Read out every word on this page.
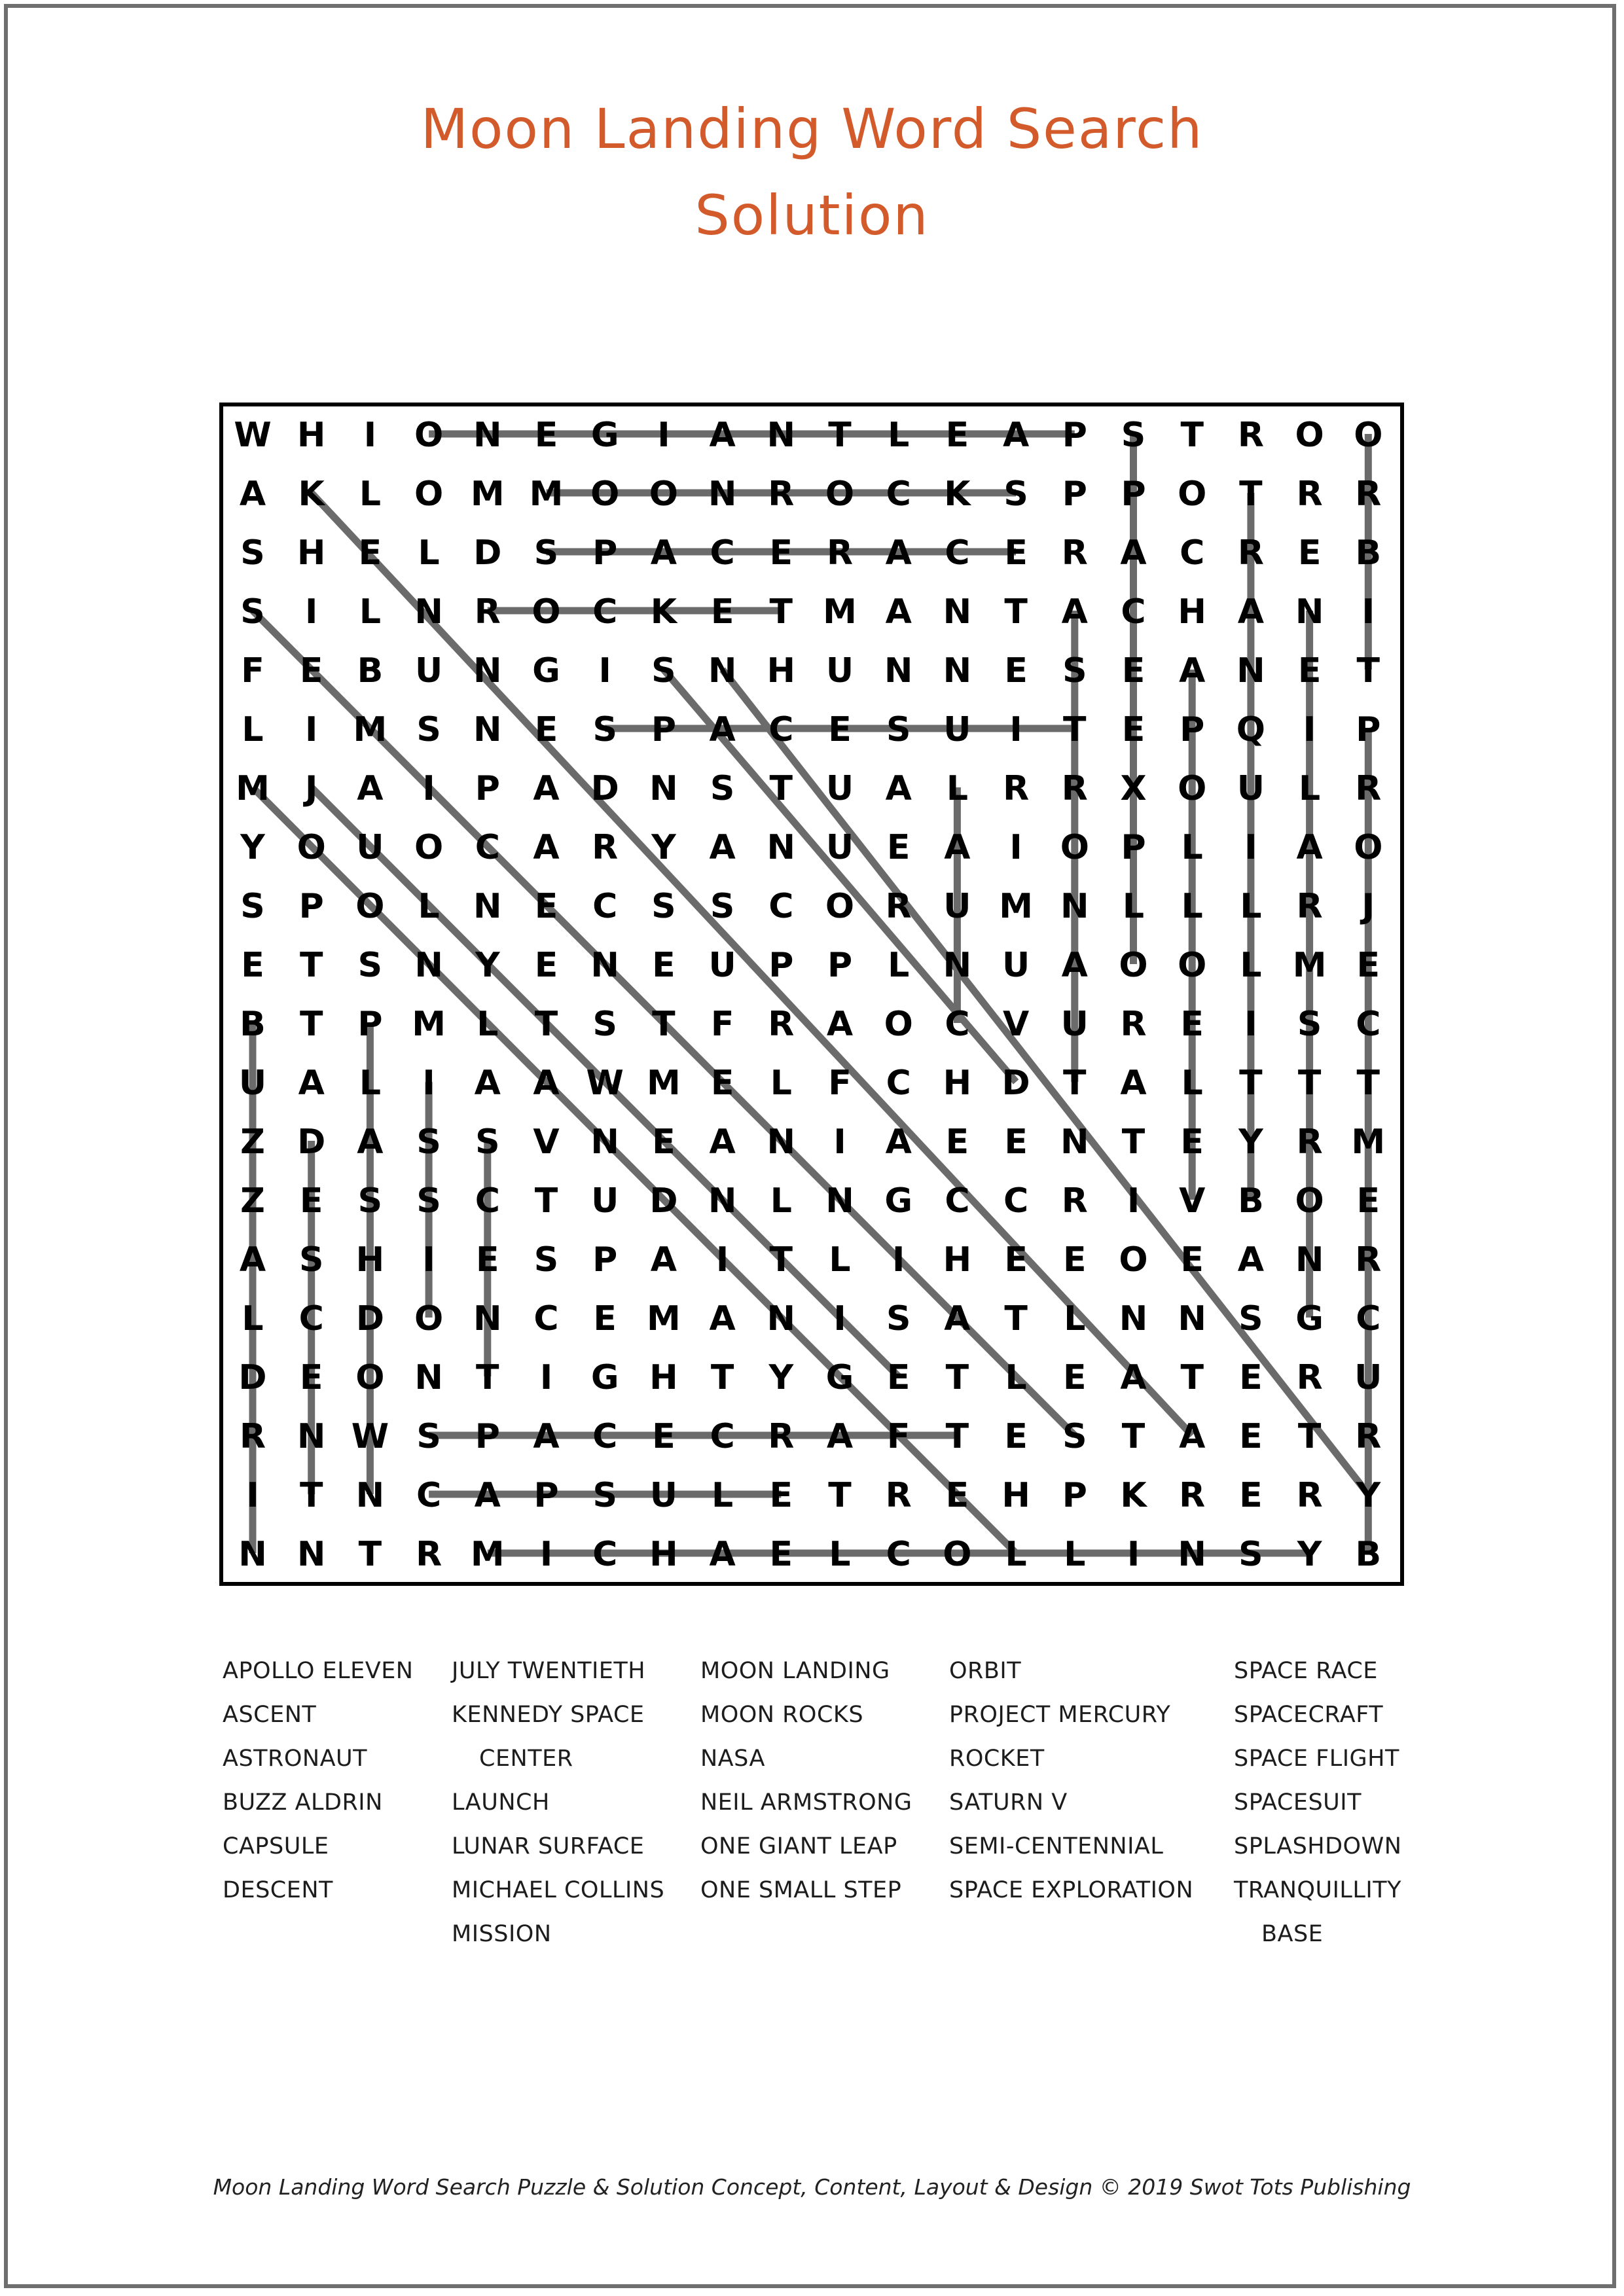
Moon Landing Word Search
Solution
W H I O N E G I A N T L E A P S T R O O
A K L O M M O O N R O C K S P P O T R R
S H E L D S P A C E R A C E R A C R E B
S I L N R O C K E T M A N T A C H A N I
F E B U N G I S N H U N N E S E A N E T
L I M S N E S P A C E S U I T E P Q I P
M J A I P A D N S T U A L R R X O U L R
Y O U O C A R Y A N U E A I O P L I A O
S P O L N E C S S C O R U M N L L L R J
E T S N Y E N E U P P L N U A O O L M E
B T P M L T S T F R A O C V U R E I S C
U A L I A A W M E L F C H D T A L T T T
Z D A S S V N E A N I A E E N T E Y R M
Z E S S C T U D N L N G C C R I V B O E
A S H I E S P A I T L I H E E O E A N R
L C D O N C E M A N I S A T L N N S G C
D E O N T I G H T Y G E T L E A T E R U
R N W S P A C E C R A F T E S T A E T R
I T N C A P S U L E T R E H P K R E R Y
N N T R M I C H A E L C O L L I N S Y B
APOLLO ELEVEN
ASCENT
ASTRONAUT
BUZZ ALDRIN
CAPSULE
DESCENT
JULY TWENTIETH
KENNEDY SPACE
CENTER
LAUNCH
LUNAR SURFACE
MICHAEL COLLINS
MISSION
MOON LANDING
MOON ROCKS
NASA
NEIL ARMSTRONG
ONE GIANT LEAP
ONE SMALL STEP
ORBIT
PROJECT MERCURY
ROCKET
SATURN V
SEMI-CENTENNIAL
SPACE EXPLORATION
SPACE RACE
SPACECRAFT
SPACE FLIGHT
SPACESUIT
SPLASHDOWN
TRANQUILLITY
BASE
Moon Landing Word Search Puzzle & Solution Concept, Content, Layout & Design © 2019 Swot Tots Publishing
